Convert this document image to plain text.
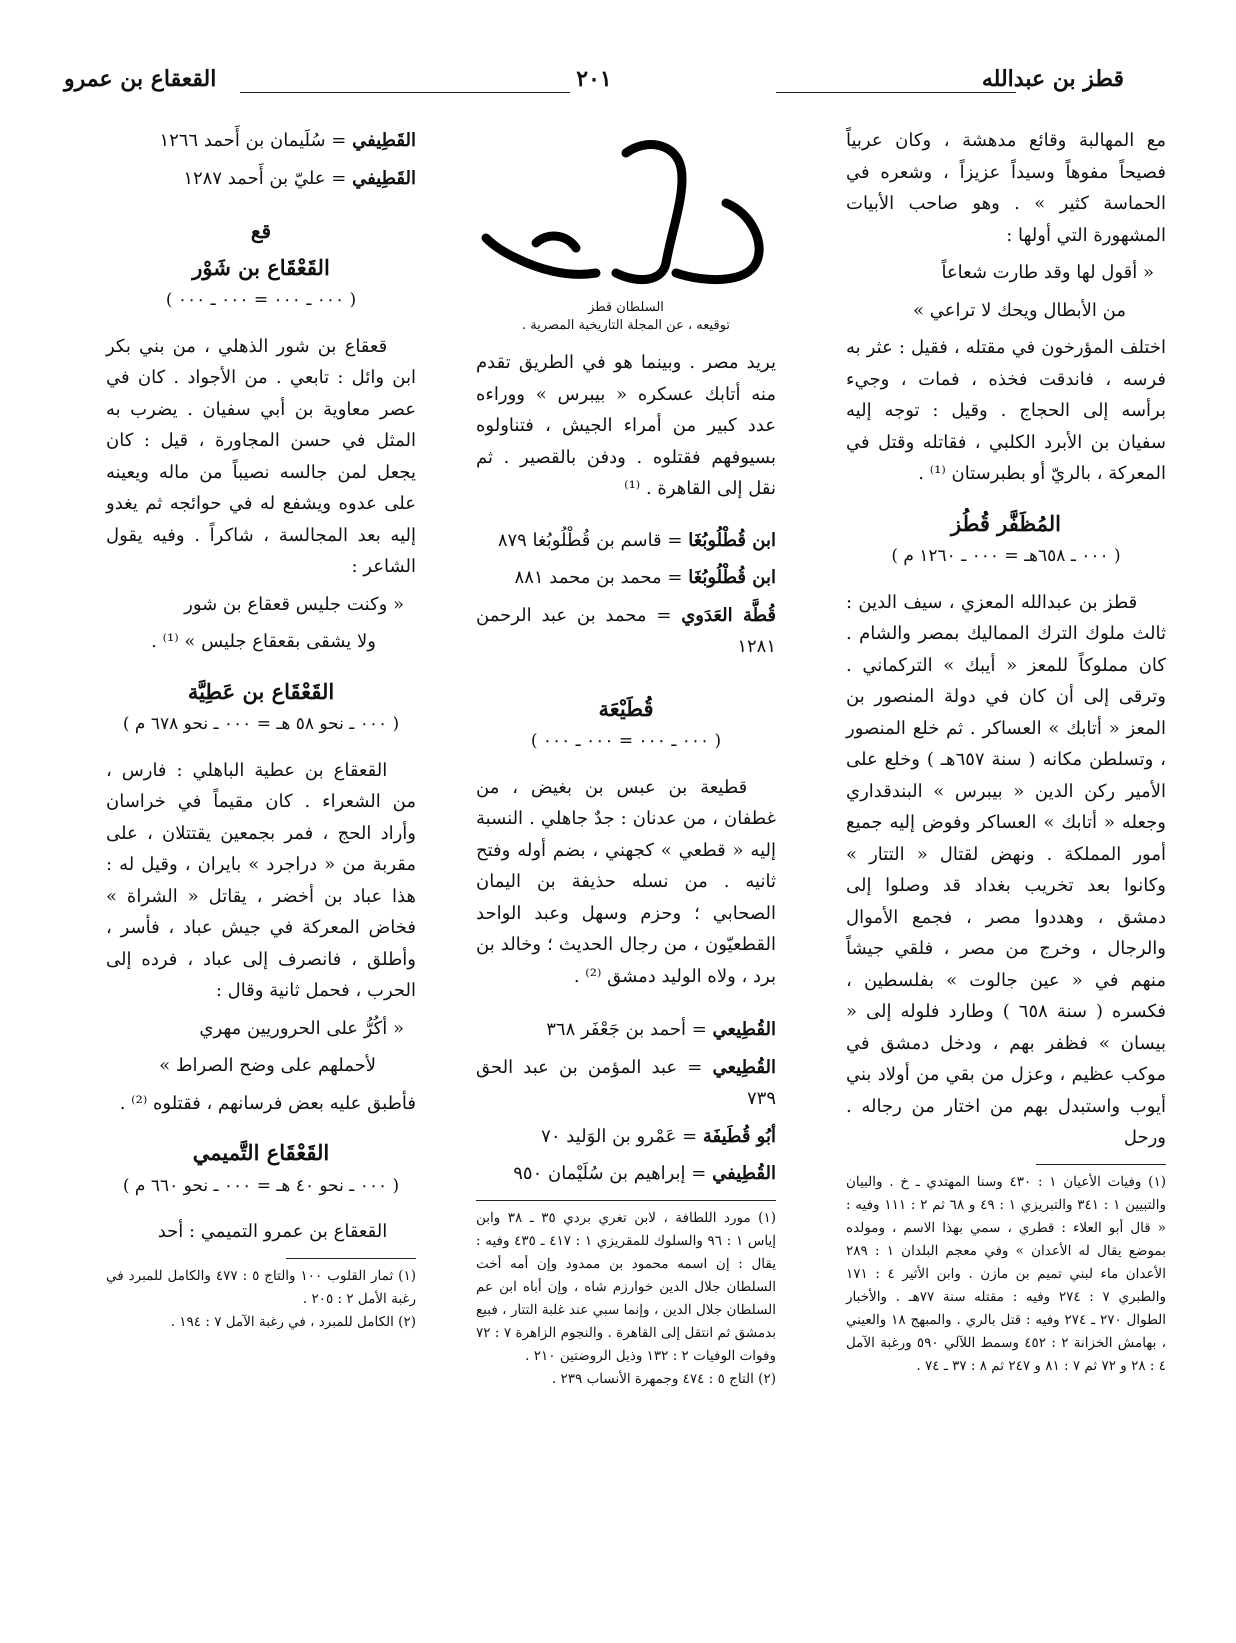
قطز بن عبدالله
٢٠١
القعقاع بن عمرو

مع المهالبة وقائع مدهشة ، وكان عربياً فصيحاً مفوهاً وسيداً عزيزاً ، وشعره في الحماسة كثير » . وهو صاحب الأبيات المشهورة التي أولها :

« أقول لها وقد طارت شعاعاً

من الأبطال ويحك لا تراعي »

اختلف المؤرخون في مقتله ، فقيل : عثر به فرسه ، فاندقت فخذه ، فمات ، وجيء برأسه إلى الحجاج . وقيل : توجه إليه سفيان بن الأبرد الكلبي ، فقاتله وقتل في المعركة ، بالريّ أو بطبرستان ⁽¹⁾ .

المُظَفَّر قُطُز
( ٠٠٠ ـ ٦٥٨هـ = ٠٠٠ ـ ١٢٦٠ م )

قطز بن عبدالله المعزي ، سيف الدين : ثالث ملوك الترك المماليك بمصر والشام . كان مملوكاً للمعز « أيبك » التركماني . وترقى إلى أن كان في دولة المنصور بن المعز « أتابك » العساكر . ثم خلع المنصور ، وتسلطن مكانه ( سنة ٦٥٧هـ ) وخلع على الأمير ركن الدين « بيبرس » البندقداري وجعله « أتابك » العساكر وفوض إليه جميع أمور المملكة . ونهض لقتال « التتار » وكانوا بعد تخريب بغداد قد وصلوا إلى دمشق ، وهددوا مصر ، فجمع الأموال والرجال ، وخرج من مصر ، فلقي جيشاً منهم في « عين جالوت » بفلسطين ، فكسره ( سنة ٦٥٨ ) وطارد فلوله إلى « بيسان » فظفر بهم ، ودخل دمشق في موكب عظيم ، وعزل من بقي من أولاد بني أيوب واستبدل بهم من اختار من رجاله . ورحل

(١) وفيات الأعيان ١ : ٤٣٠ وسنا المهتدي ـ خ . والبيان والتبيين ١ : ٣٤١ والتبريزي ١ : ٤٩ و ٦٨ ثم ٢ : ١١١ وفيه : « قال أبو العلاء : قطري ، سمي بهذا الاسم ، ومولده بموضع يقال له الأعدان » وفي معجم البلدان ١ : ٢٨٩ الأعدان ماء لبني تميم بن مازن . وابن الأثير ٤ : ١٧١ والطبري ٧ : ٢٧٤ وفيه : مقتله سنة ٧٧هـ . والأخبار الطوال ٢٧٠ ـ ٢٧٤ وفيه : قتل بالري . والمبهج ١٨ والعيني ، بهامش الخزانة ٢ : ٤٥٢ وسمط اللآلي ٥٩٠ ورغبة الآمل ٤ : ٢٨ و ٧٢ ثم ٧ : ٨١ و ٢٤٧ ثم ٨ : ٣٧ ـ ٧٤ .

السلطان قطز
توقيعه ، عن المجلة التاريخية المصرية .

يريد مصر . وبينما هو في الطريق تقدم منه أتابك عسكره « بيبرس » ووراءه عدد كبير من أمراء الجيش ، فتناولوه بسيوفهم فقتلوه . ودفن بالقصير . ثم نقل إلى القاهرة . ⁽¹⁾

ابن قُطْلُوبُغَا = قاسم بن قُطْلُوبُغا ٨٧٩

ابن قُطْلُوبُغَا = محمد بن محمد ٨٨١

قُطَّة العَدَوي = محمد بن عبد الرحمن ١٢٨١

قُطَيْعَة
( ٠٠٠ ـ ٠٠٠ = ٠٠٠ ـ ٠٠٠ )

قطيعة بن عبس بن بغيض ، من غطفان ، من عدنان : جدٌ جاهلي . النسبة إليه « قطعي » كجهني ، بضم أوله وفتح ثانيه . من نسله حذيفة بن اليمان الصحابي ؛ وحزم وسهل وعبد الواحد القطعيّون ، من رجال الحديث ؛ وخالد بن برد ، ولاه الوليد دمشق ⁽²⁾ .

القُطِيعي = أحمد بن جَعْفَر ٣٦٨

القُطِيعي = عبد المؤمن بن عبد الحق ٧٣٩

أبُو قُطَيفَة = عَمْرو بن الوَليد ٧٠

القُطِيفي = إبراهيم بن سُلَيْمان ٩٥٠

(١) مورد اللطافة ، لابن تغري بردي ٣٥ ـ ٣٨ وابن إياس ١ : ٩٦ والسلوك للمقريزي ١ : ٤١٧ ـ ٤٣٥ وفيه : يقال : إن اسمه محمود بن ممدود وإن أمه أخت السلطان جلال الدين خوارزم شاه ، وإن أباه ابن عم السلطان جلال الدين ، وإنما سبي عند غلبة التتار ، فبيع بدمشق ثم انتقل إلى القاهرة . والنجوم الزاهرة ٧ : ٧٢ وفوات الوفيات ٢ : ١٣٢ وذيل الروضتين ٢١٠ .

(٢) التاج ٥ : ٤٧٤ وجمهرة الأنساب ٢٣٩ .

القَطِيفي = سُلَيمان بن أَحمد ١٢٦٦

القَطِيفي = عليّ بن أَحمد ١٢٨٧

قع
القَعْقَاع بن شَوْر
( ٠٠٠ ـ ٠٠٠ = ٠٠٠ ـ ٠٠٠ )

قعقاع بن شور الذهلي ، من بني بكر ابن وائل : تابعي . من الأجواد . كان في عصر معاوية بن أبي سفيان . يضرب به المثل في حسن المجاورة ، قيل : كان يجعل لمن جالسه نصيباً من ماله ويعينه على عدوه ويشفع له في حوائجه ثم يغدو إليه بعد المجالسة ، شاكراً . وفيه يقول الشاعر :

« وكنت جليس قعقاع بن شور

ولا يشقى بقعقاع جليس » ⁽¹⁾ .

القَعْقَاع بن عَطِيَّة
( ٠٠٠ ـ نحو ٥٨ هـ = ٠٠٠ ـ نحو ٦٧٨ م )

القعقاع بن عطية الباهلي : فارس ، من الشعراء . كان مقيماً في خراسان وأراد الحج ، فمر بجمعين يقتتلان ، على مقربة من « دراجرد » بايران ، وقيل له : هذا عباد بن أخضر ، يقاتل « الشراة » فخاض المعركة في جيش عباد ، فأسر ، وأطلق ، فانصرف إلى عباد ، فرده إلى الحرب ، فحمل ثانية وقال :

« أكُرُّ على الحروريين مهري

لأحملهم على وضح الصراط »

فأطبق عليه بعض فرسانهم ، فقتلوه ⁽²⁾ .

القَعْقَاع التَّميمي
( ٠٠٠ ـ نحو ٤٠ هـ = ٠٠٠ ـ نحو ٦٦٠ م )

القعقاع بن عمرو التميمي : أحد

(١) ثمار القلوب ١٠٠ والتاج ٥ : ٤٧٧ والكامل للمبرد في رغبة الأمل ٢ : ٢٠٥ .

(٢) الكامل للمبرد ، في رغبة الآمل ٧ : ١٩٤ .
